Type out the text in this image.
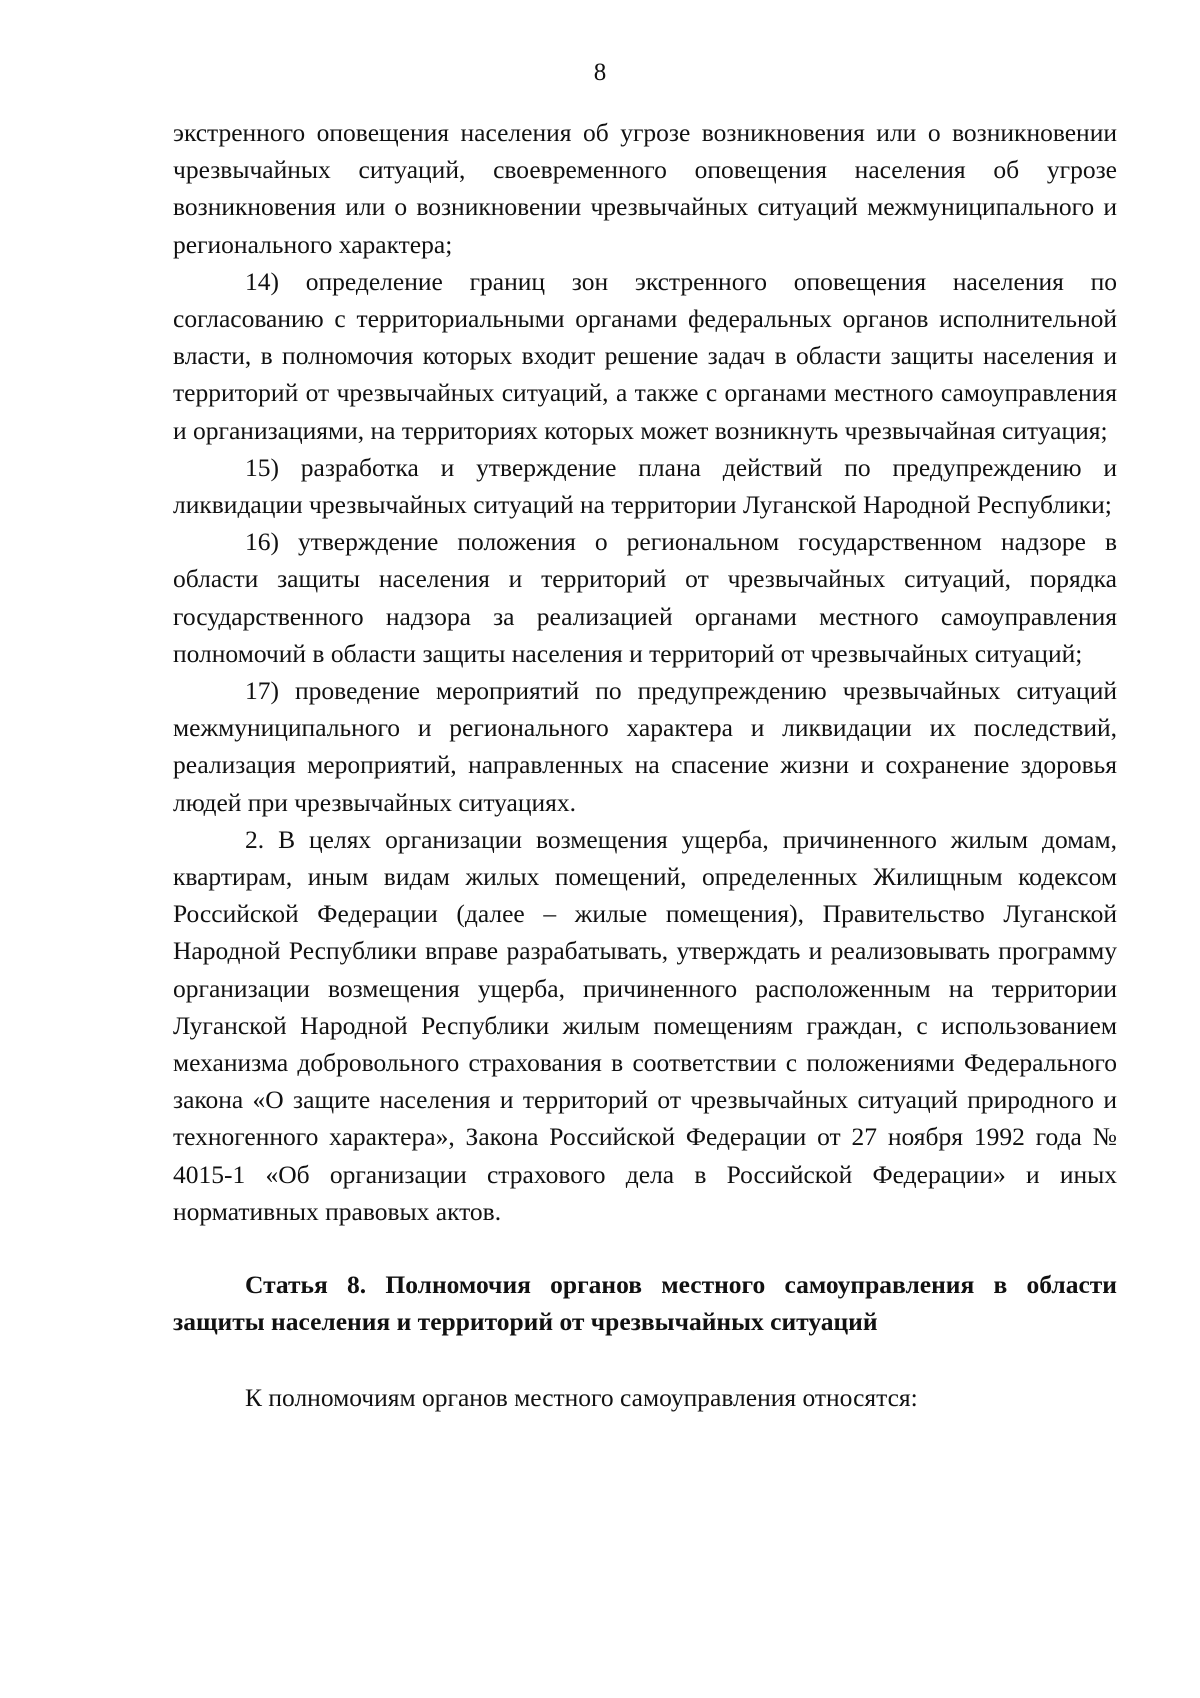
8

экстренного оповещения населения об угрозе возникновения или о возникновении чрезвычайных ситуаций, своевременного оповещения населения об угрозе возникновения или о возникновении чрезвычайных ситуаций межмуниципального и регионального характера;

14) определение границ зон экстренного оповещения населения по согласованию с территориальными органами федеральных органов исполнительной власти, в полномочия которых входит решение задач в области защиты населения и территорий от чрезвычайных ситуаций, а также с органами местного самоуправления и организациями, на территориях которых может возникнуть чрезвычайная ситуация;

15) разработка и утверждение плана действий по предупреждению и ликвидации чрезвычайных ситуаций на территории Луганской Народной Республики;

16) утверждение положения о региональном государственном надзоре в области защиты населения и территорий от чрезвычайных ситуаций, порядка государственного надзора за реализацией органами местного самоуправления полномочий в области защиты населения и территорий от чрезвычайных ситуаций;

17) проведение мероприятий по предупреждению чрезвычайных ситуаций межмуниципального и регионального характера и ликвидации их последствий, реализация мероприятий, направленных на спасение жизни и сохранение здоровья людей при чрезвычайных ситуациях.

2. В целях организации возмещения ущерба, причиненного жилым домам, квартирам, иным видам жилых помещений, определенных Жилищным кодексом Российской Федерации (далее – жилые помещения), Правительство Луганской Народной Республики вправе разрабатывать, утверждать и реализовывать программу организации возмещения ущерба, причиненного расположенным на территории Луганской Народной Республики жилым помещениям граждан, с использованием механизма добровольного страхования в соответствии с положениями Федерального закона «О защите населения и территорий от чрезвычайных ситуаций природного и техногенного характера», Закона Российской Федерации от 27 ноября 1992 года № 4015-1 «Об организации страхового дела в Российской Федерации» и иных нормативных правовых актов.

Статья 8. Полномочия органов местного самоуправления в области защиты населения и территорий от чрезвычайных ситуаций

К полномочиям органов местного самоуправления относятся:
